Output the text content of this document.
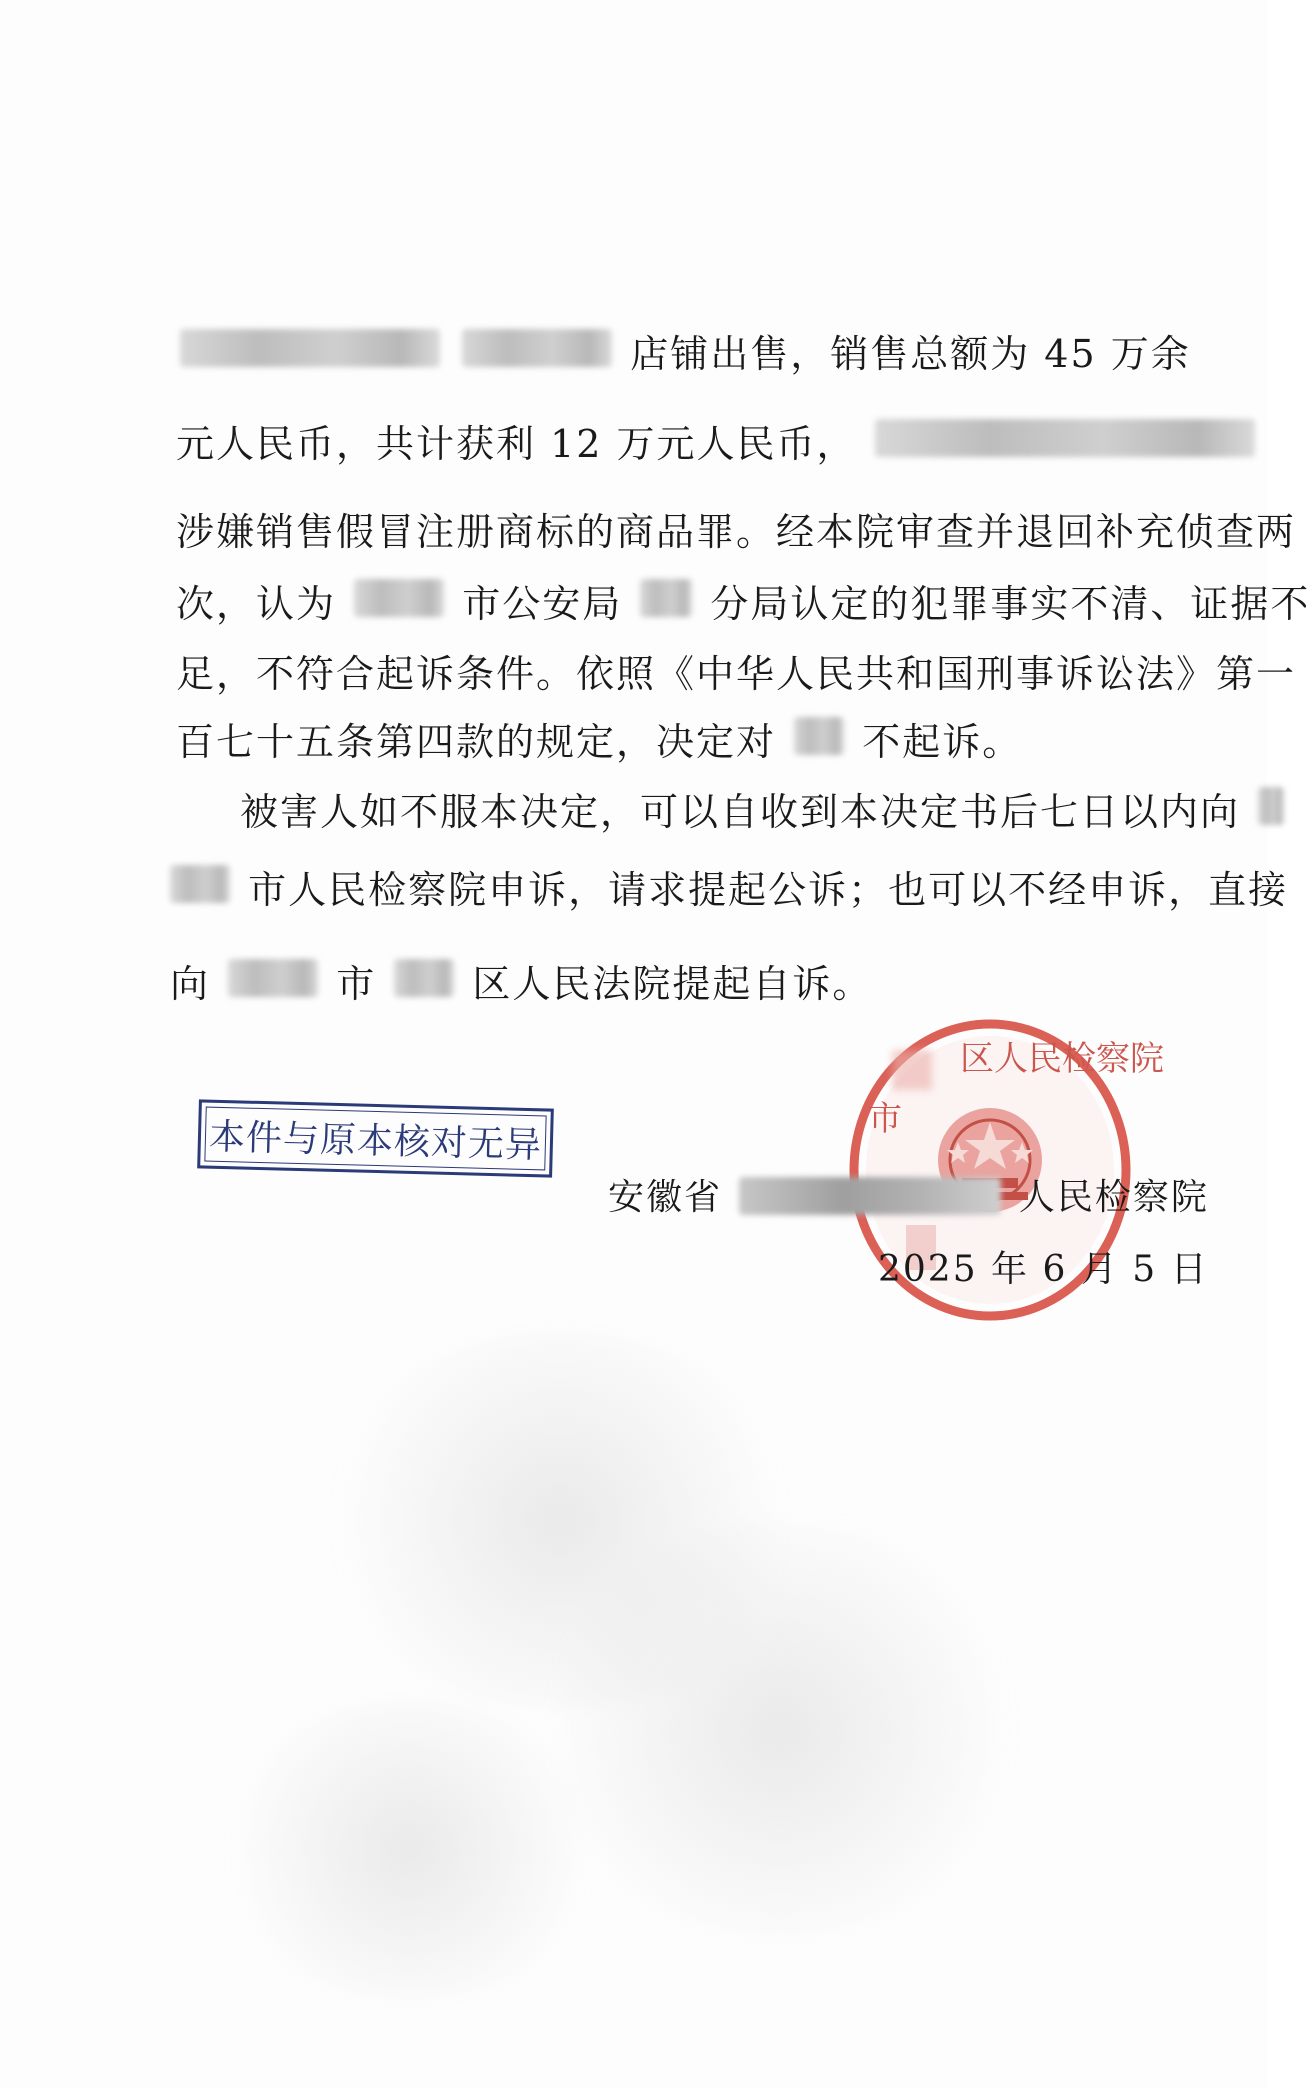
店铺出售，销售总额为 45 万余
元人民币，共计获利 12 万元人民币，
涉嫌销售假冒注册商标的商品罪。经本院审查并退回补充侦查两
次，认为	市公安局 分局认定的犯罪事实不清、证据不
足，不符合起诉条件。依照《中华人民共和国刑事诉讼法》第一
百七十五条第四款的规定，决定对 不起诉。
被害人如不服本决定，可以自收到本决定书后七日以内向
市人民检察院申诉，请求提起公诉；也可以不经申诉，直接
向	市	区人民法院提起自诉。
本件与原本核对无异	市
区人民检察院
安徽省	人民检察院
2025 年 6 月 5 日
